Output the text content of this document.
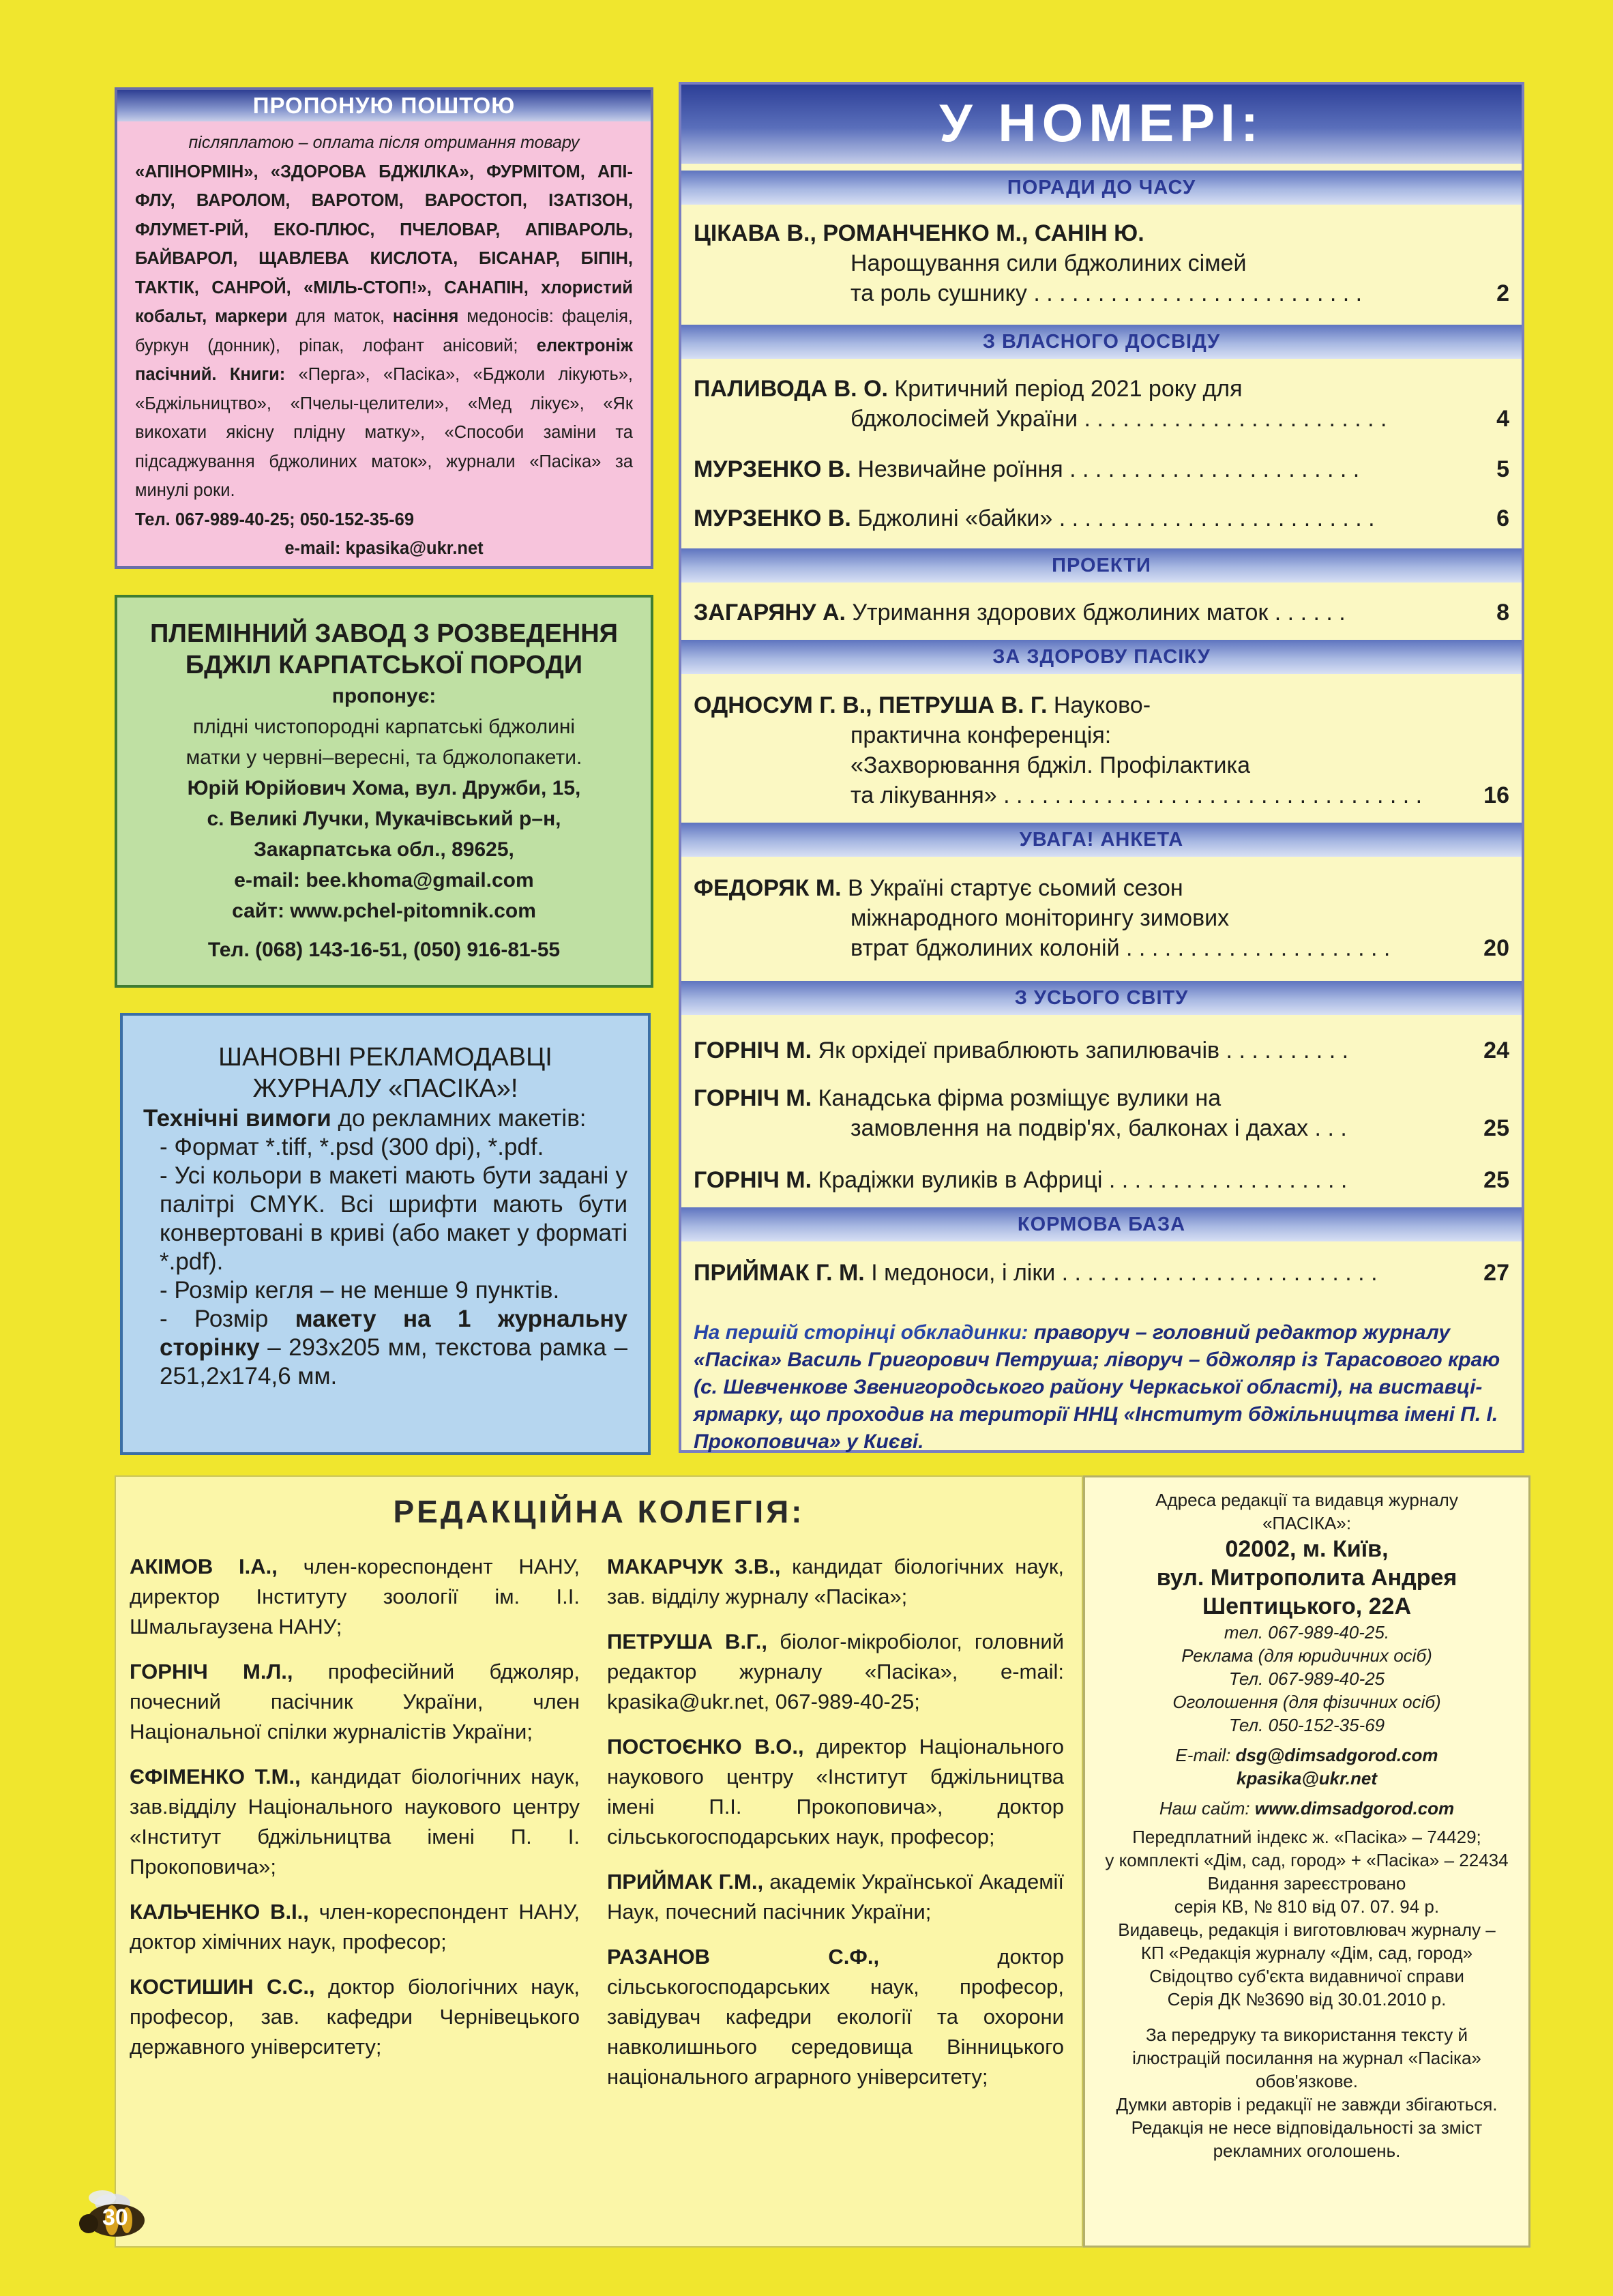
ПРОПОНУЮ ПОШТОЮ
післяплатою – оплата після отримання товару
«АПІНОРМІН», «ЗДОРОВА БДЖІЛКА», ФУРМІТОМ, АПІ-ФЛУ, ВАРОЛОМ, ВАРОТОМ, ВАРОСТОП, ІЗАТІЗОН, ФЛУМЕТ-РІЙ, ЕКО-ПЛЮС, ПЧЕЛОВАР, АПІВАРОЛЬ, БАЙВАРОЛ, ЩАВЛЕВА КИСЛОТА, БІСАНАР, БІПІН, ТАКТІК, САНРОЙ, «МІЛЬ-СТОП!», САНАПІН, хлористий кобальт, маркери для маток, насіння медоносів: фацелія, буркун (донник), ріпак, лофант анісовий; електроніж пасічний. Книги: «Перга», «Пасіка», «Бджоли лікують», «Бджільництво», «Пчелы-целители», «Мед лікує», «Як викохати якісну плідну матку», «Способи заміни та підсаджування бджолиних маток», журнали «Пасіка» за минулі роки.
Тел. 067-989-40-25; 050-152-35-69
e-mail: kpasika@ukr.net
ПЛЕМІННИЙ ЗАВОД З РОЗВЕДЕННЯ
БДЖІЛ КАРПАТСЬКОЇ ПОРОДИ
пропонує:
плідні чистопородні карпатські бджолині
матки у червні–вересні, та бджолопакети.
Юрій Юрійович Хома, вул. Дружби, 15,
с. Великі Лучки, Мукачівський р–н,
Закарпатська обл., 89625,
e-mail: bee.khoma@gmail.com
сайт: www.pchel-pitomnik.com
Тел. (068) 143-16-51, (050) 916-81-55
ШАНОВНІ РЕКЛАМОДАВЦІ
ЖУРНАЛУ «ПАСІКА»!
Технічні вимоги до рекламних макетів:
- Формат *.tiff, *.psd (300 dpi), *.pdf.
- Усі кольори в макеті мають бути задані у палітрі CMYK. Всі шрифти мають бути конвертовані в криві (або макет у форматі *.pdf).
- Розмір кегля – не менше 9 пунктів.
- Розмір макету на 1 журнальну сторінку – 293х205 мм, текстова рамка – 251,2х174,6 мм.
У НОМЕРІ:
ПОРАДИ ДО ЧАСУ
ЦІКАВА В., РОМАНЧЕНКО М., САНІН Ю.
Нарощування сили бджолиних сімей
та роль сушнику . . . . . . . . . . . . . . . . . . . . . . . . . .	2
З ВЛАСНОГО ДОСВІДУ
ПАЛИВОДА В. О. Критичний період 2021 року для
бджолосімей України . . . . . . . . . . . . . . . . . . . . . . . .	4
МУРЗЕНКО В. Незвичайне роїння . . . . . . . . . . . . . . . . . . . . . . .	5
МУРЗЕНКО В. Бджолині «байки» . . . . . . . . . . . . . . . . . . . . . . . . .	6
ПРОЕКТИ
ЗАГАРЯНУ А. Утримання здорових бджолиних маток . . . . . .	8
ЗА ЗДОРОВУ ПАСІКУ
ОДНОСУМ Г. В., ПЕТРУША В. Г. Науково-
практична конференція:
«Захворювання бджіл. Профілактика
та лікування» . . . . . . . . . . . . . . . . . . . . . . . . . . . . . . . . .	16
УВАГА! АНКЕТА
ФЕДОРЯК М. В Україні стартує сьомий сезон
міжнародного моніторингу зимових
втрат бджолиних колоній . . . . . . . . . . . . . . . . . . . . .	20
З УСЬОГО СВІТУ
ГОРНІЧ М. Як орхідеї приваблюють запилювачів . . . . . . . . . .	24
ГОРНІЧ М. Канадська фірма розміщує вулики на
замовлення на подвір'ях, балконах і дахах . . .	25
ГОРНІЧ М. Крадіжки вуликів в Африці . . . . . . . . . . . . . . . . . . .	25
КОРМОВА БАЗА
ПРИЙМАК Г. М. І медоноси, і ліки . . . . . . . . . . . . . . . . . . . . . . . . .	27
На першій сторінці обкладинки: праворуч – головний редактор журналу «Пасіка» Василь Григорович Петруша; ліворуч – бджоляр із Тарасового краю (с. Шевченкове Звенигородського району Черкаської області), на виставці-ярмарку, що проходив на території ННЦ «Інститут бджільництва імені П. І. Прокоповича» у Києві.
РЕДАКЦІЙНА КОЛЕГІЯ:
АКІМОВ І.А., член-кореспондент НАНУ, директор Інституту зоології ім. І.І. Шмальгаузена НАНУ;
ГОРНІЧ М.Л., професійний бджоляр, почесний пасічник України, член Національної спілки журналістів України;
ЄФІМЕНКО Т.М., кандидат біологічних наук, зав.відділу Національного наукового центру «Інститут бджільництва імені П. І. Прокоповича»;
КАЛЬЧЕНКО В.І., член-кореспондент НАНУ, доктор хімічних наук, професор;
КОСТИШИН С.С., доктор біологічних наук, професор, зав. кафедри Чернівецького державного університету;
МАКАРЧУК З.В., кандидат біологічних наук, зав. відділу журналу «Пасіка»;
ПЕТРУША В.Г., біолог-мікробіолог, головний редактор журналу «Пасіка», e-mail: kpasika@ukr.net, 067-989-40-25;
ПОСТОЄНКО В.О., директор Національного наукового центру «Інститут бджільництва імені П.І. Прокоповича», доктор сільськогосподарських наук, професор;
ПРИЙМАК Г.М., академік Української Академії Наук, почесний пасічник України;
РАЗАНОВ С.Ф., доктор сільськогосподарських наук, професор, завідувач кафедри екології та охорони навколишнього середовища Вінницького національного аграрного університету;
Адреса редакції та видавця журналу
«ПАСІКА»:
02002, м. Київ,
вул. Митрополита Андрея
Шептицького, 22А
тел. 067-989-40-25.
Реклама (для юридичних осіб)
Тел. 067-989-40-25
Оголошення (для фізичних осіб)
Тел. 050-152-35-69
E-mail: dsg@dimsadgorod.com
kpasika@ukr.net
Наш сайт: www.dimsadgorod.com
Передплатний індекс ж. «Пасіка» – 74429;
у комплекті «Дім, сад, город» + «Пасіка» – 22434
Видання зареєстровано
серія КВ, № 810 від 07. 07. 94 р.
Видавець, редакція і виготовлювач журналу –
КП «Редакція журналу «Дім, сад, город»
Свідоцтво суб'єкта видавничої справи
Серія ДК №3690 від 30.01.2010 р.
За передруку та використання тексту й
ілюстрацій посилання на журнал «Пасіка»
обов'язкове.
Думки авторів і редакції не завжди збігаються.
Редакція не несе відповідальності за зміст
рекламних оголошень.
30
